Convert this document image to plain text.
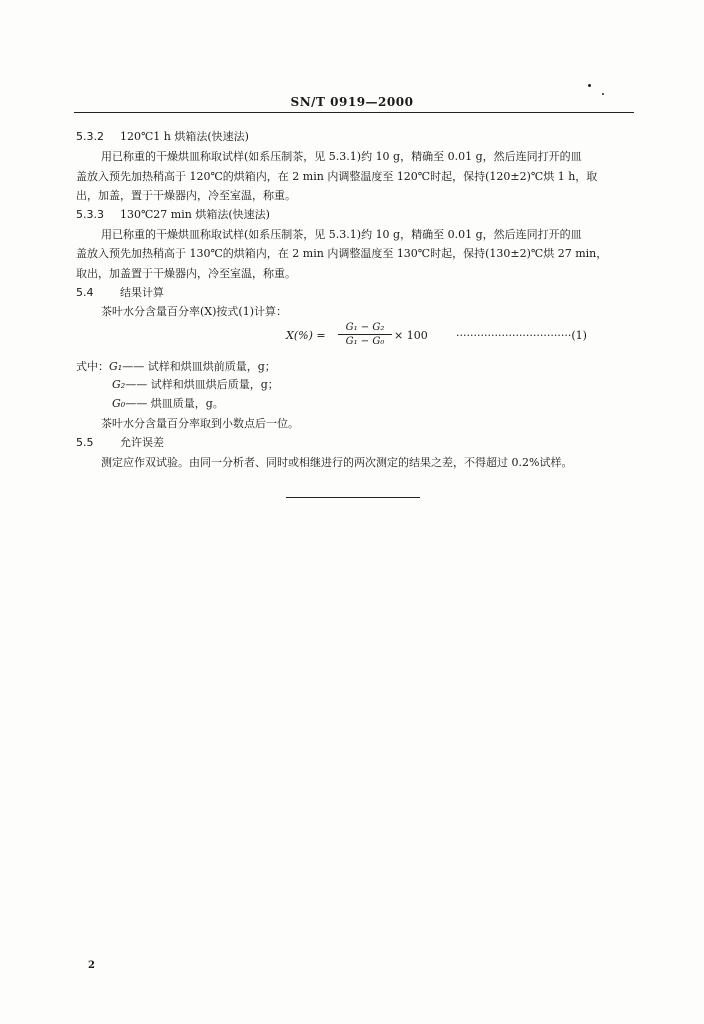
SN/T 0919—2000
5.3.2 120℃1 h 烘箱法(快速法)
用已称重的干燥烘皿称取试样(如系压制茶，见 5.3.1)约 10 g，精确至 0.01 g，然后连同打开的皿
盖放入预先加热稍高于 120℃的烘箱内，在 2 min 内调整温度至 120℃时起，保持(120±2)℃烘 1 h，取
出，加盖，置于干燥器内，冷至室温，称重。
5.3.3 130℃27 min 烘箱法(快速法)
用已称重的干燥烘皿称取试样(如系压制茶，见 5.3.1)约 10 g，精确至 0.01 g，然后连同打开的皿
盖放入预先加热稍高于 130℃的烘箱内，在 2 min 内调整温度至 130℃时起，保持(130±2)℃烘 27 min，
取出，加盖置于干燥器内，冷至室温，称重。
5.4 结果计算
茶叶水分含量百分率(X)按式(1)计算：
$X(\%) = \frac{\text{G₁ − G₂}}{\text{G₁ − G₀}} \times 100$	·································(1)
式中：G₁—— 试样和烘皿烘前质量，g；
G₂—— 试样和烘皿烘后质量，g；
G₀—— 烘皿质量，g。
茶叶水分含量百分率取到小数点后一位。
5.5 允许误差
测定应作双试验。由同一分析者、同时或相继进行的两次测定的结果之差，不得超过 0.2%试样。
2
